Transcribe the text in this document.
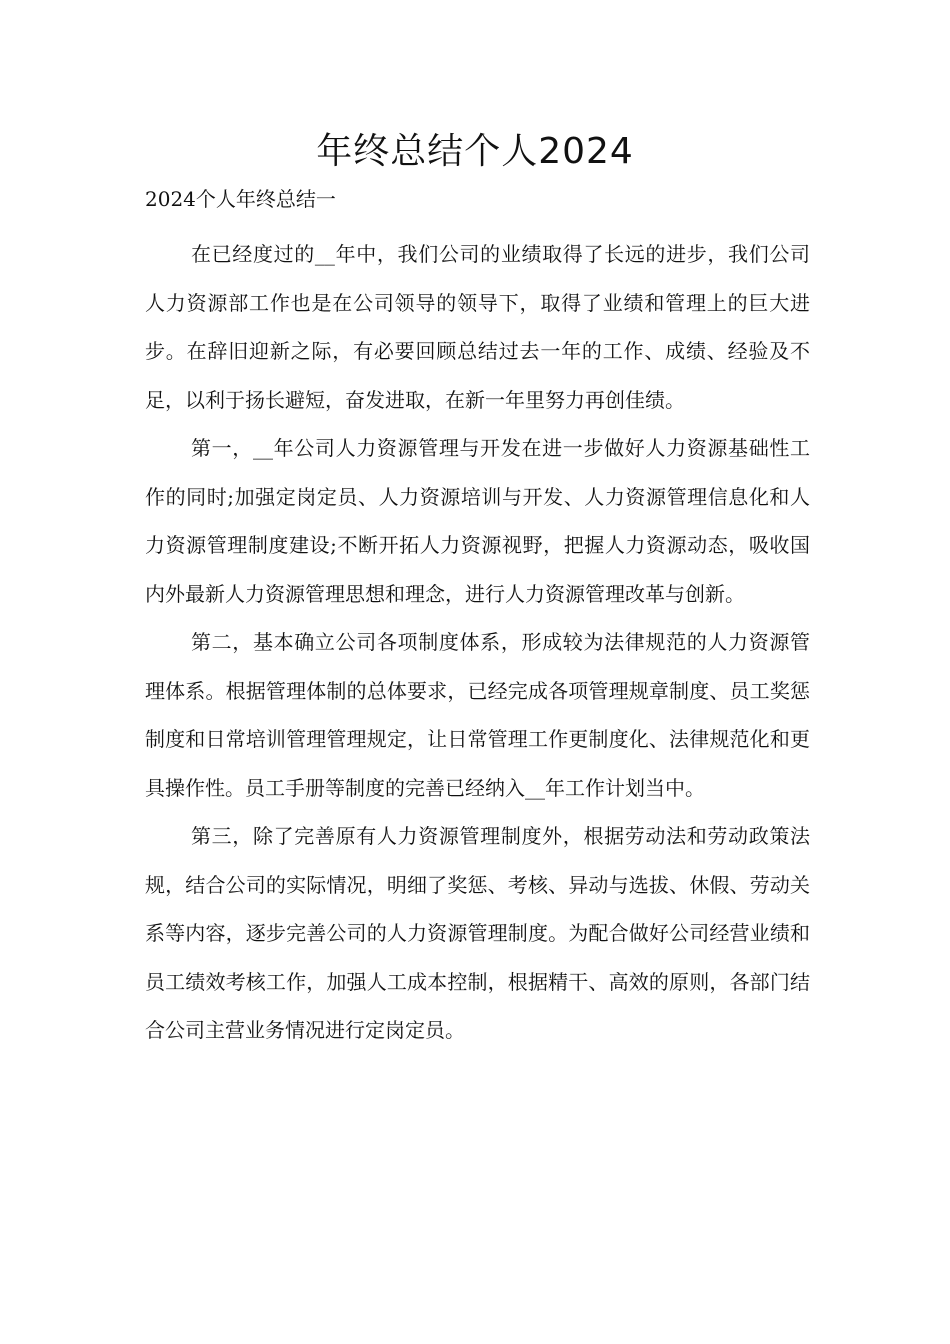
年终总结个人2024
2024个人年终总结一

在已经度过的__年中，我们公司的业绩取得了长远的进步，我们公司人力资源部工作也是在公司领导的领导下，取得了业绩和管理上的巨大进步。在辞旧迎新之际，有必要回顾总结过去一年的工作、成绩、经验及不足，以利于扬长避短，奋发进取，在新一年里努力再创佳绩。

第一，__年公司人力资源管理与开发在进一步做好人力资源基础性工作的同时;加强定岗定员、人力资源培训与开发、人力资源管理信息化和人力资源管理制度建设;不断开拓人力资源视野，把握人力资源动态，吸收国内外最新人力资源管理思想和理念，进行人力资源管理改革与创新。

第二，基本确立公司各项制度体系，形成较为法律规范的人力资源管理体系。根据管理体制的总体要求，已经完成各项管理规章制度、员工奖惩制度和日常培训管理管理规定，让日常管理工作更制度化、法律规范化和更具操作性。员工手册等制度的完善已经纳入__年工作计划当中。

第三，除了完善原有人力资源管理制度外，根据劳动法和劳动政策法规，结合公司的实际情况，明细了奖惩、考核、异动与选拔、休假、劳动关系等内容，逐步完善公司的人力资源管理制度。为配合做好公司经营业绩和员工绩效考核工作，加强人工成本控制，根据精干、高效的原则，各部门结合公司主营业务情况进行定岗定员。
